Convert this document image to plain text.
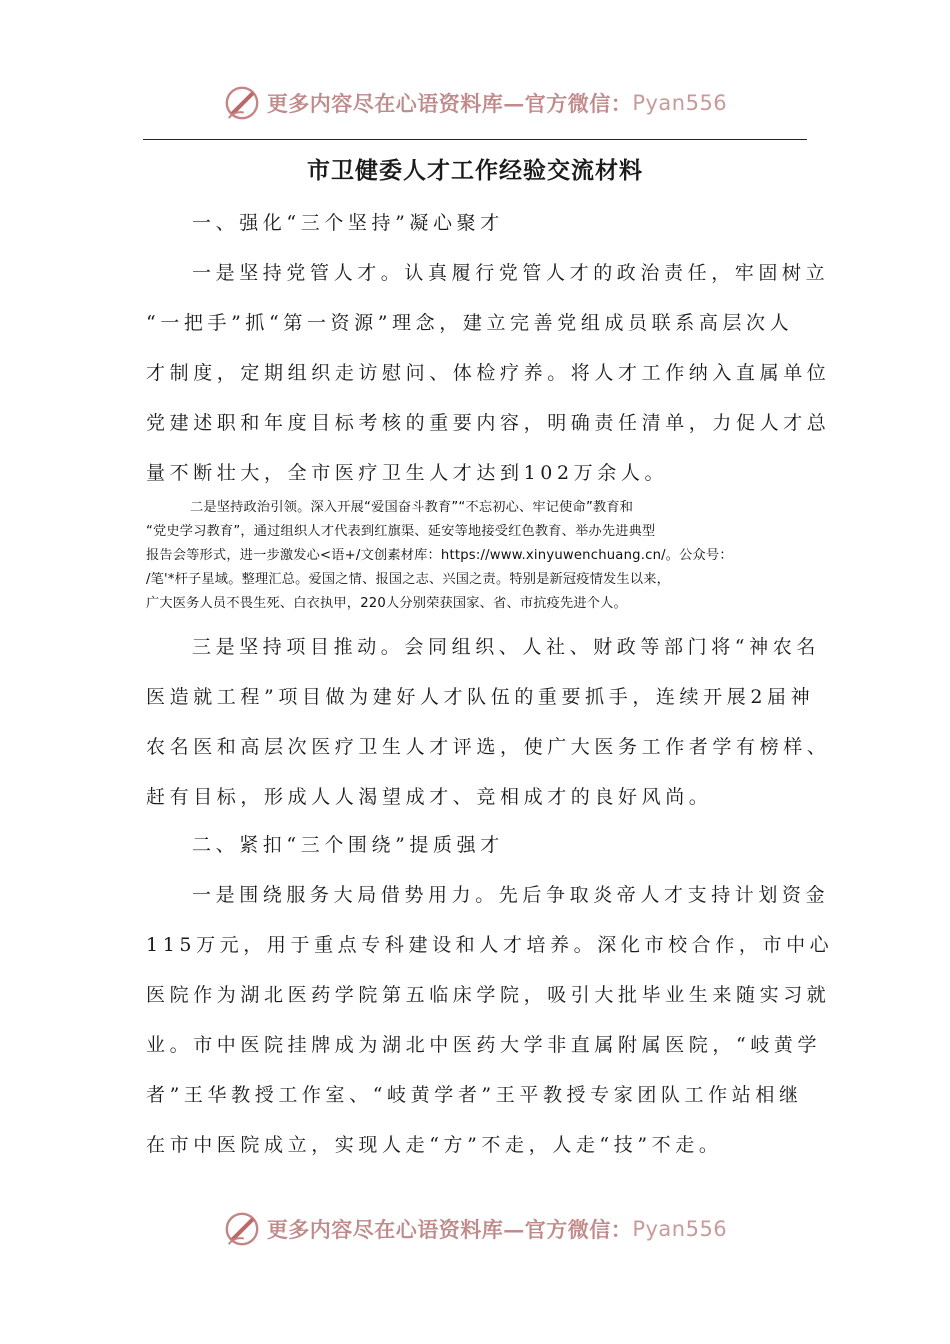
更多内容尽在心语资料库—官方微信： Pyan556
市卫健委人才工作经验交流材料
一、强化“三个坚持”凝心聚才
一是坚持党管人才。认真履行党管人才的政治责任，牢固树立
“一把手”抓“第一资源”理念，建立完善党组成员联系高层次人
才制度，定期组织走访慰问、体检疗养。将人才工作纳入直属单位
党建述职和年度目标考核的重要内容，明确责任清单，力促人才总
量不断壮大，全市医疗卫生人才达到102万余人。
二是坚持政治引领。深入开展“爱国奋斗教育”“不忘初心、牢记使命”教育和
“党史学习教育”，通过组织人才代表到红旗渠、延安等地接受红色教育、举办先进典型
报告会等形式，进一步激发心<语+/文创素材库：https://www.xinyuwenchuang.cn/。公众号：
/笔'*杆子星域。整理汇总。爱国之情、报国之志、兴国之责。特别是新冠疫情发生以来，
广大医务人员不畏生死、白衣执甲，220人分别荣获国家、省、市抗疫先进个人。
三是坚持项目推动。会同组织、人社、财政等部门将“神农名
医造就工程”项目做为建好人才队伍的重要抓手，连续开展2届神
农名医和高层次医疗卫生人才评选，使广大医务工作者学有榜样、
赶有目标，形成人人渴望成才、竞相成才的良好风尚。
二、紧扣“三个围绕”提质强才
一是围绕服务大局借势用力。先后争取炎帝人才支持计划资金
115万元，用于重点专科建设和人才培养。深化市校合作，市中心
医院作为湖北医药学院第五临床学院，吸引大批毕业生来随实习就
业。市中医院挂牌成为湖北中医药大学非直属附属医院，“岐黄学
者”王华教授工作室、“岐黄学者”王平教授专家团队工作站相继
在市中医院成立，实现人走“方”不走，人走“技”不走。
更多内容尽在心语资料库—官方微信： Pyan556
